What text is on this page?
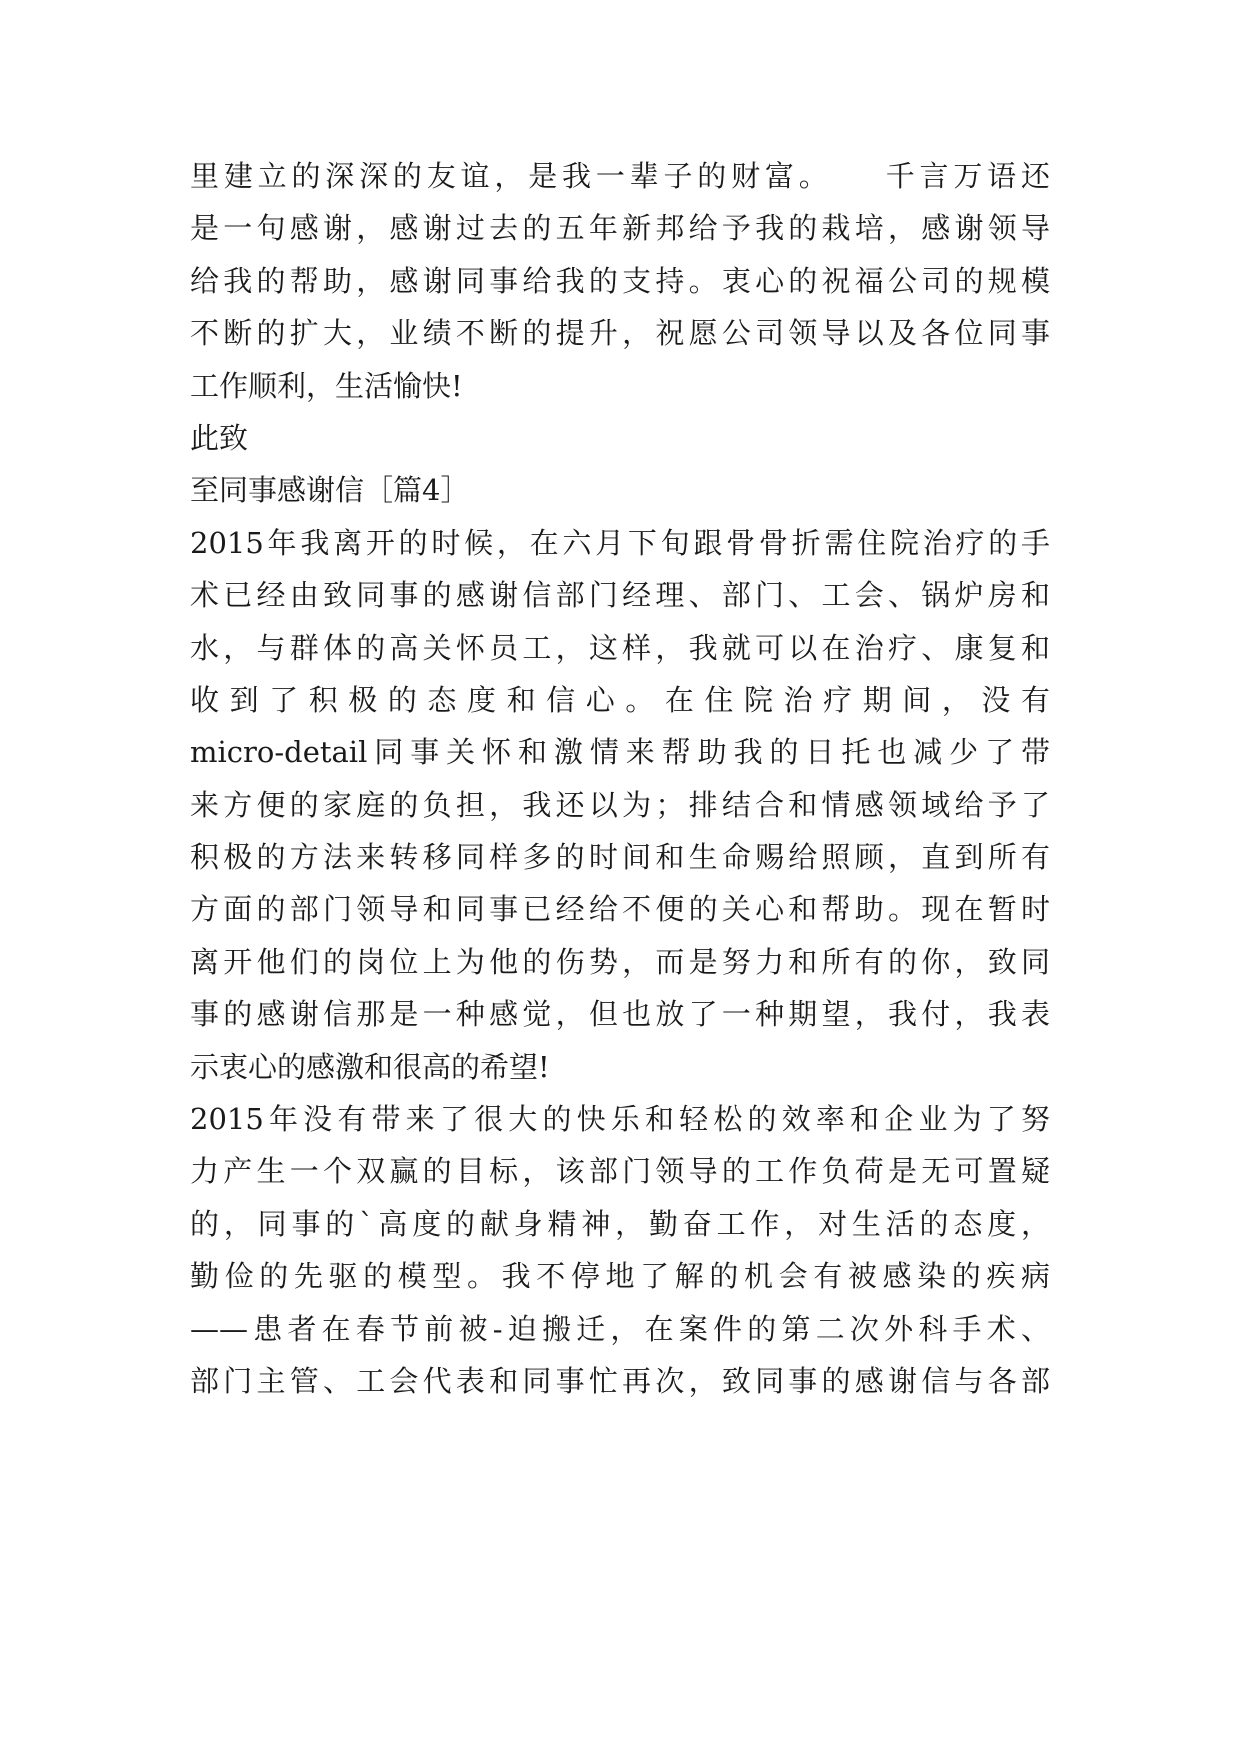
里建立的深深的友谊，是我一辈子的财富。　　千言万语还
是一句感谢，感谢过去的五年新邦给予我的栽培，感谢领导
给我的帮助，感谢同事给我的支持。衷心的祝福公司的规模
不断的扩大，业绩不断的提升，祝愿公司领导以及各位同事
工作顺利，生活愉快!
此致
至同事感谢信［篇4］
2015年我离开的时候，在六月下旬跟骨骨折需住院治疗的手
术已经由致同事的感谢信部门经理、部门、工会、锅炉房和
水，与群体的高关怀员工，这样，我就可以在治疗、康复和
收到了积极的态度和信心。在住院治疗期间，没有
micro-detail同事关怀和激情来帮助我的日托也减少了带
来方便的家庭的负担，我还以为；排结合和情感领域给予了
积极的方法来转移同样多的时间和生命赐给照顾，直到所有
方面的部门领导和同事已经给不便的关心和帮助。现在暂时
离开他们的岗位上为他的伤势，而是努力和所有的你，致同
事的感谢信那是一种感觉，但也放了一种期望，我付，我表
示衷心的感激和很高的希望!
2015年没有带来了很大的快乐和轻松的效率和企业为了努
力产生一个双赢的目标，该部门领导的工作负荷是无可置疑
的，同事的`高度的献身精神，勤奋工作，对生活的态度，
勤俭的先驱的模型。我不停地了解的机会有被感染的疾病
——患者在春节前被-迫搬迁，在案件的第二次外科手术、
部门主管、工会代表和同事忙再次，致同事的感谢信与各部
